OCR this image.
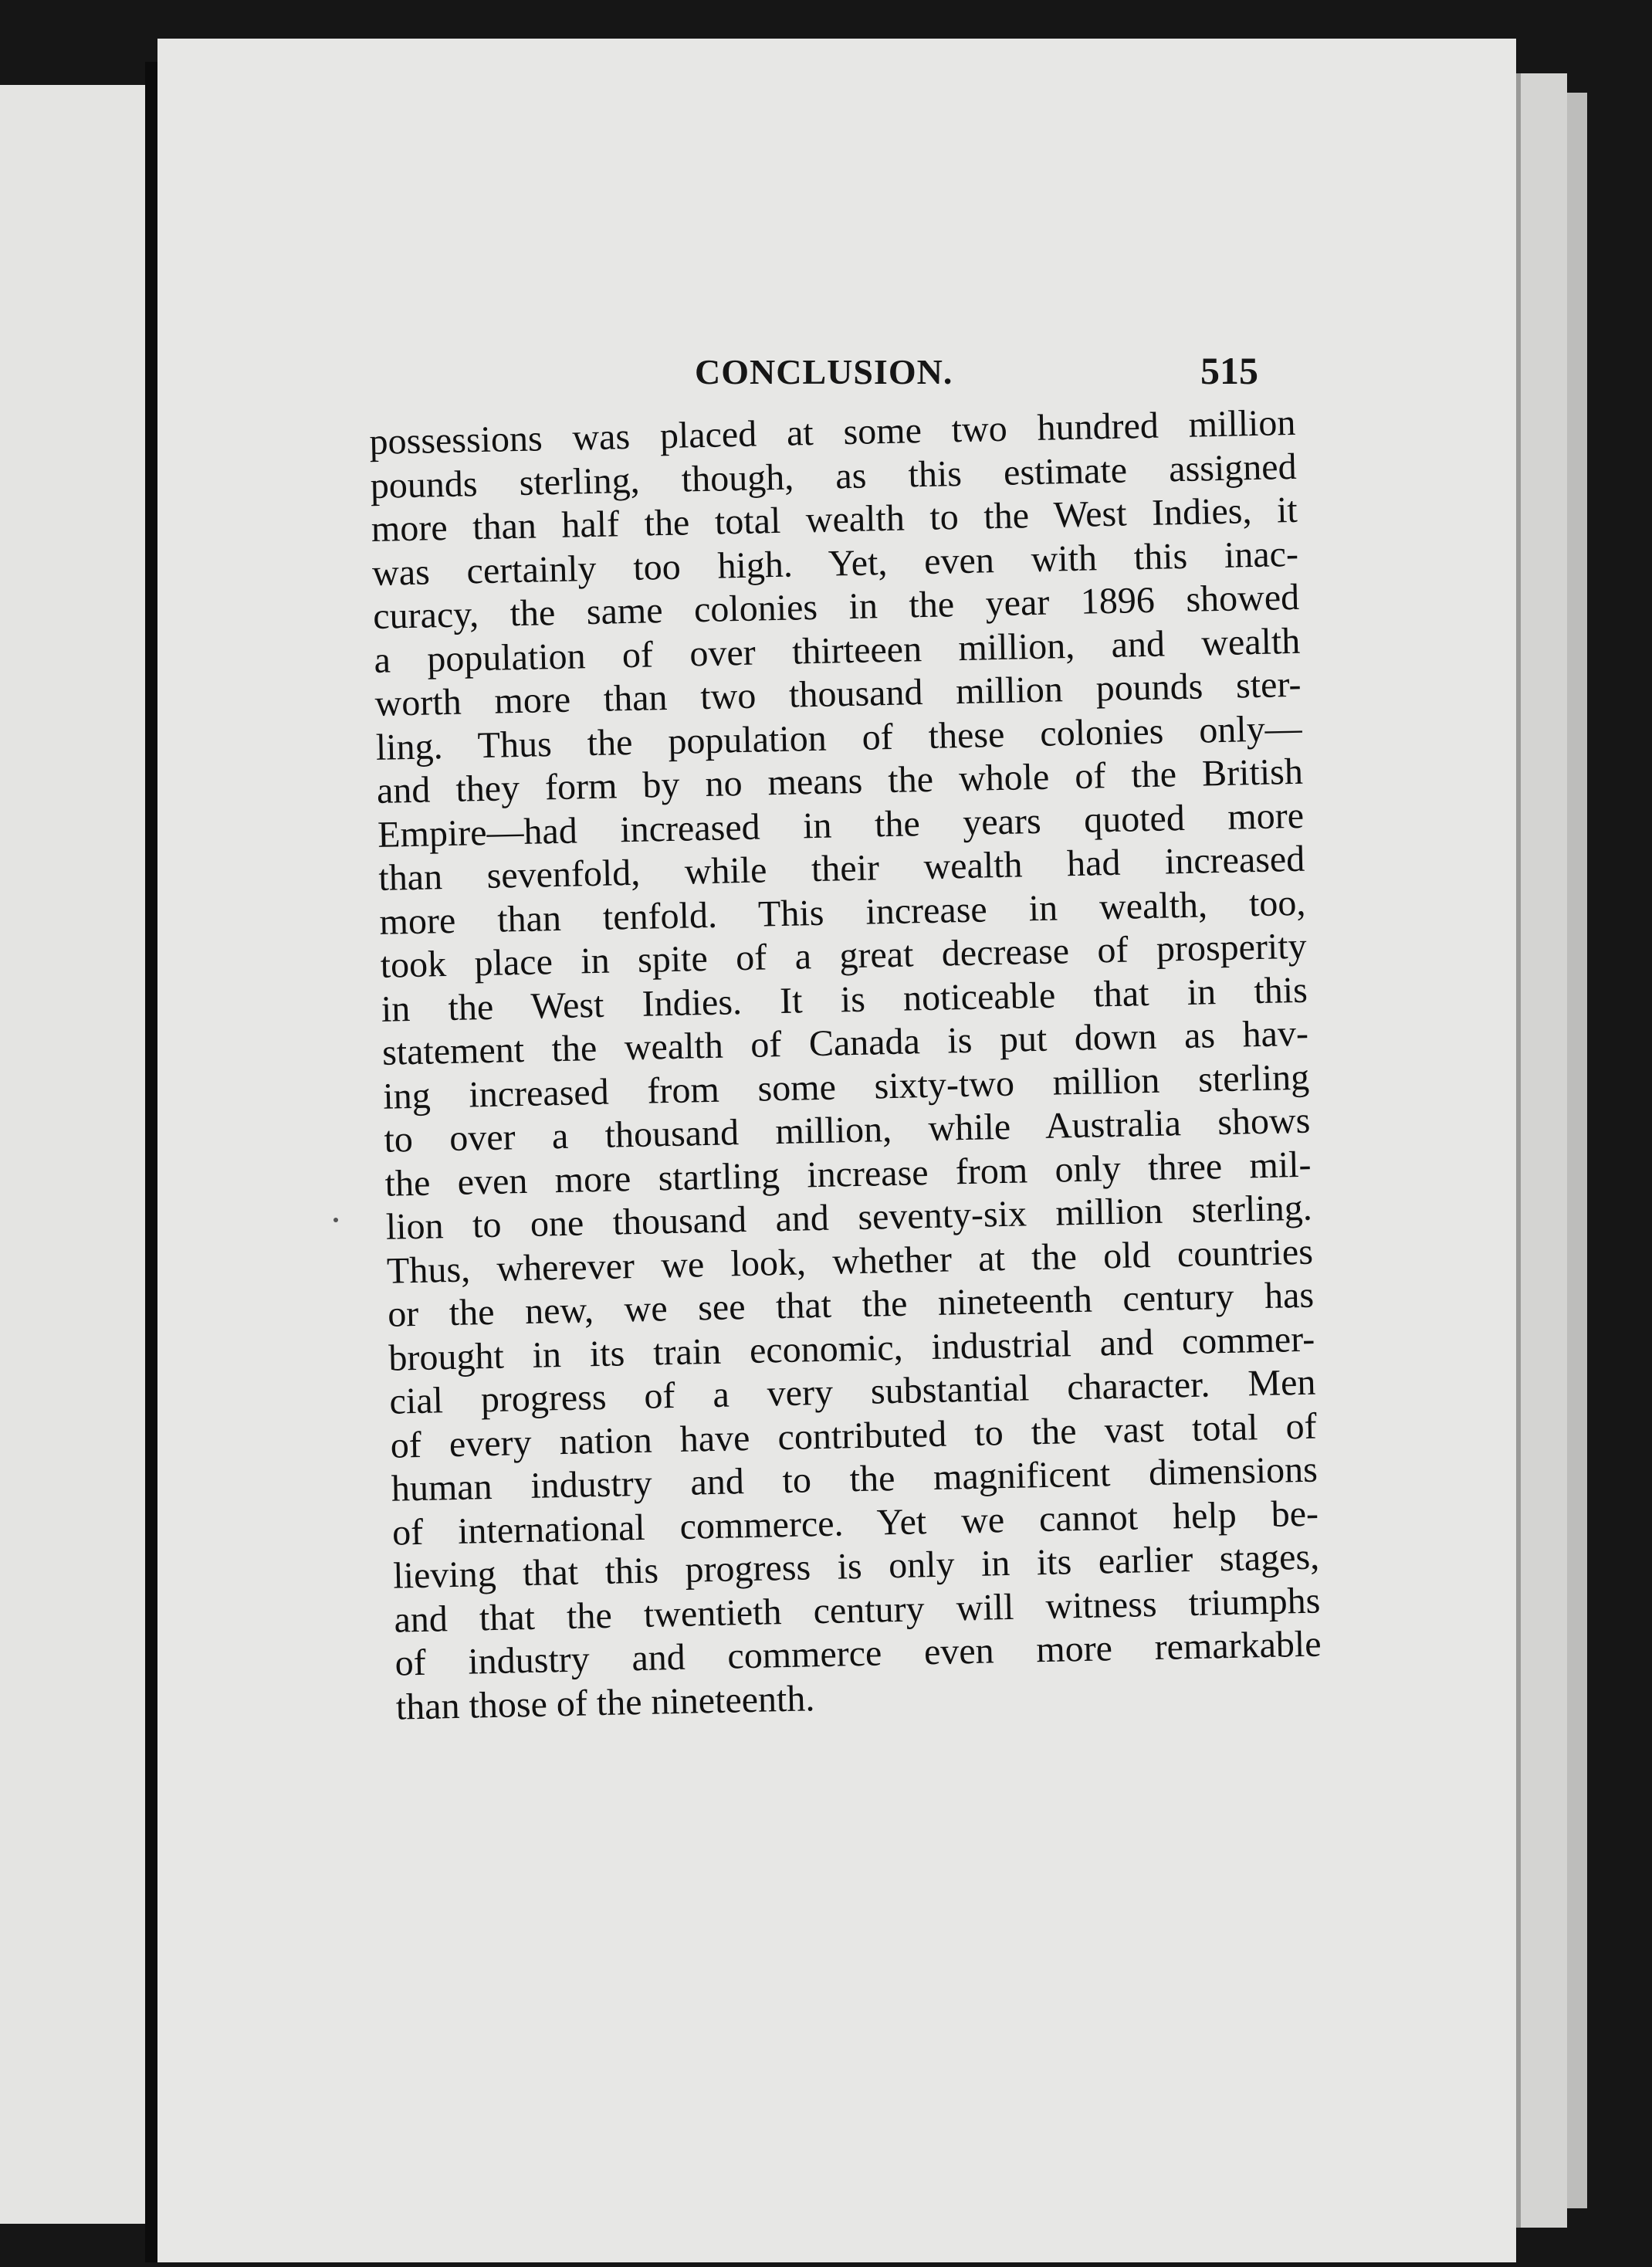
CONCLUSION.	515
possessions was placed at some two hundred million
pounds sterling, though, as this estimate assigned
more than half the total wealth to the West Indies, it
was certainly too high. Yet, even with this inac-
curacy, the same colonies in the year 1896 showed
a population of over thirteeen million, and wealth
worth more than two thousand million pounds ster-
ling. Thus the population of these colonies only—
and they form by no means the whole of the British
Empire—had increased in the years quoted more
than sevenfold, while their wealth had increased
more than tenfold. This increase in wealth, too,
took place in spite of a great decrease of prosperity
in the West Indies. It is noticeable that in this
statement the wealth of Canada is put down as hav-
ing increased from some sixty-two million sterling
to over a thousand million, while Australia shows
the even more startling increase from only three mil-
lion to one thousand and seventy-six million sterling.
Thus, wherever we look, whether at the old countries
or the new, we see that the nineteenth century has
brought in its train economic, industrial and commer-
cial progress of a very substantial character. Men
of every nation have contributed to the vast total of
human industry and to the magnificent dimensions
of international commerce. Yet we cannot help be-
lieving that this progress is only in its earlier stages,
and that the twentieth century will witness triumphs
of industry and commerce even more remarkable
than those of the nineteenth.
